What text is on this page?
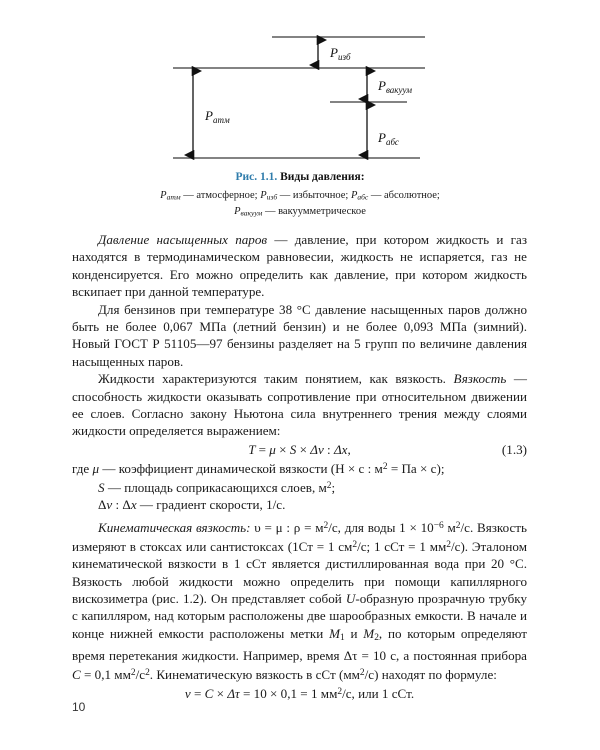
$P_{изб}$
$P_{атм}$
$P_{вакуум}$
$P_{абс}$
Рис. 1.1. Виды давления:
$P_{атм}$ — атмосферное; $P_{изб}$ — избыточное; $P_{абс}$ — абсолютное;
$P_{вакуум}$ — вакуумметрическое

Давление насыщенных паров — давление, при котором жидкость и газ находятся в термодинамическом равновесии, жидкость не испаряется, газ не конденсируется. Его можно определить как давление, при котором жидкость вскипает при данной температуре.

Для бензинов при температуре 38 °С давление насыщенных паров должно быть не более 0,067 МПа (летний бензин) и не более 0,093 МПа (зимний). Новый ГОСТ Р 51105—97 бензины разделяет на 5 групп по величине давления насыщенных паров.

Жидкости характеризуются таким понятием, как вязкость. Вязкость — способность жидкости оказывать сопротивление при относительном движении ее слоев. Согласно закону Ньютона сила внутреннего трения между слоями жидкости определяется выражением:

T = μ × S × Δv : Δx,	(1.3)

где μ — коэффициент динамической вязкости (Н × с : $м^2$ = Па × с);

S — площадь соприкасающихся слоев, $м^2$;

Δv : Δx — градиент скорости, 1/с.

Кинематическая вязкость: υ = μ : $\rho = м^2/с$, для воды $1 \times 10^{-6}$ $м^2/с$. Вязкость измеряют в стоксах или сантистоксах (1Ст = 1 $см^2/с$; 1 сСт = 1 $мм^2/с$). Эталоном кинематической вязкости в 1 сСт является дистиллированная вода при 20 °С. Вязкость любой жидкости можно определить при помощи капиллярного вискозиметра (рис. 1.2). Он представляет собой U-образную прозрачную трубку с капилляром, над которым расположены две шарообразных емкости. В начале и конце нижней емкости расположены метки $M_1$ и $M_2$, по которым определяют время перетекания жидкости. Например, время Δτ = 10 с, а постоянная прибора C = 0,1 $мм^2/с^2$. Кинематическую вязкость в сСт $(мм^2/с)$ находят по формуле:

ν = C × Δτ = 10 × 0,1 = 1 $мм^2/с$, или 1 сСт.
10
